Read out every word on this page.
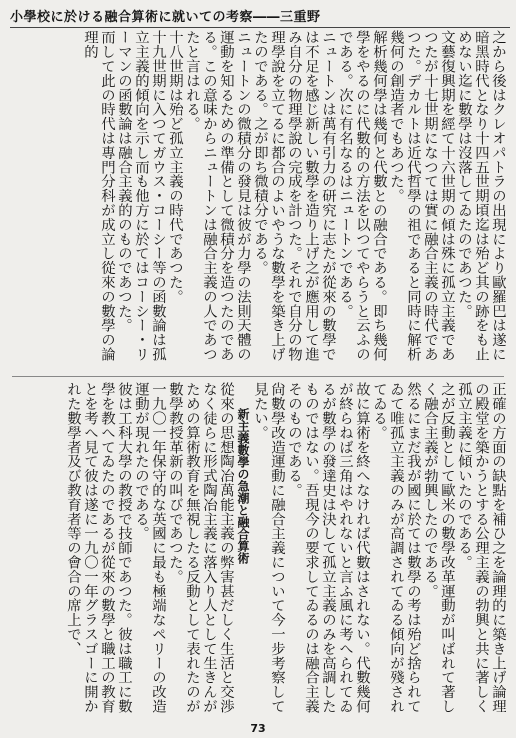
小學校に於ける融合算術に就いての考察――三重野

之から後はクレオパトラの出現により歐羅巴は遂に暗黑時代となり十四五世期頃迄は殆ど其の跡をも止めない迄に數學は沒落してゐたのであつた。

文藝復興期を經て十六世期の傾は殊に孤立主義であつたが十七世期になつては實に融合主義の時代であつた。デカルトは近代哲學の祖であると同時に解析幾何の創造者でもあつた。

解析幾何學は幾何と代數との融合である。即ち幾何學をやるのに代數的の方法を以つてやらうと云ふのである。次に有名なるはニュートンである。

ニュートンは萬有引力の研究に志たが從來の數學では不足を感じ新しい數學を造り上げ之が應用して進み自分の物理學說の完成を計つた。それで自分の物理學說を立てるに都合のよいやうな數學を築き上げたのである。之が即ち微積分である。

ニュートンの微積分の發見は彼が力學の法則天體の運動を知るための準備として微積分を造つたのである。この意味からニュートンは融合主義の人であつたと言はれる。

十八世期は殆ど孤立主義の時代であつた。

十九世期に入つてガウス・コーシー等の函數論は孤立主義的傾向を示し而も他方に於てはコーシー・リーマンの函數論は融合主義的のものであつた。

而して此の時代は專門分科が成立し從來の數學の論理的

正確の方面の缺點を補ひ之を論理的に築き上げ論理の殿堂を築かうとする公理主義の勃興と共に著しく孤立主義に傾いたのである。

之が反動として歐米の數學改革運動が叫ばれて著しく融合主義が勃興したのである。

然るにまだ我が國に於ては數學の考は殆ど捨られてゐて唯孤立主義のみが高調されてゐる傾向が殘されてゐる。

故に算術を終へなければ代數はされない。代數幾何が終らねば三角はやれないと言ふ風に考へられてゐるが數學の發達史は決して孤立主義のみを高調したものではない。吾現今の要求してゐるのは融合主義そのものである。

尙數學改造運動に融合主義について今一步考察して見たい。

新主義數學の急潮と融合算術

從來の思想陶冶萬能主義の弊害甚だしく生活と交渉なく徒らに形式陶冶主義に落入り人として生きんがための算術教育を無視したる反動として表れたのが數學教授革新の叫びであつた。

一九〇一年保守的な英國に最も極端なペリーの改造運動が現れたのである。

彼は工科大學の教授で技師であつた。彼は職工に數學を教へてゐたのであるが從來の數學と職工の教育とを考へ見て彼は遂に一九〇一年グラスゴーに開かれた數學者及び教育者等の會合の席上で、

73
